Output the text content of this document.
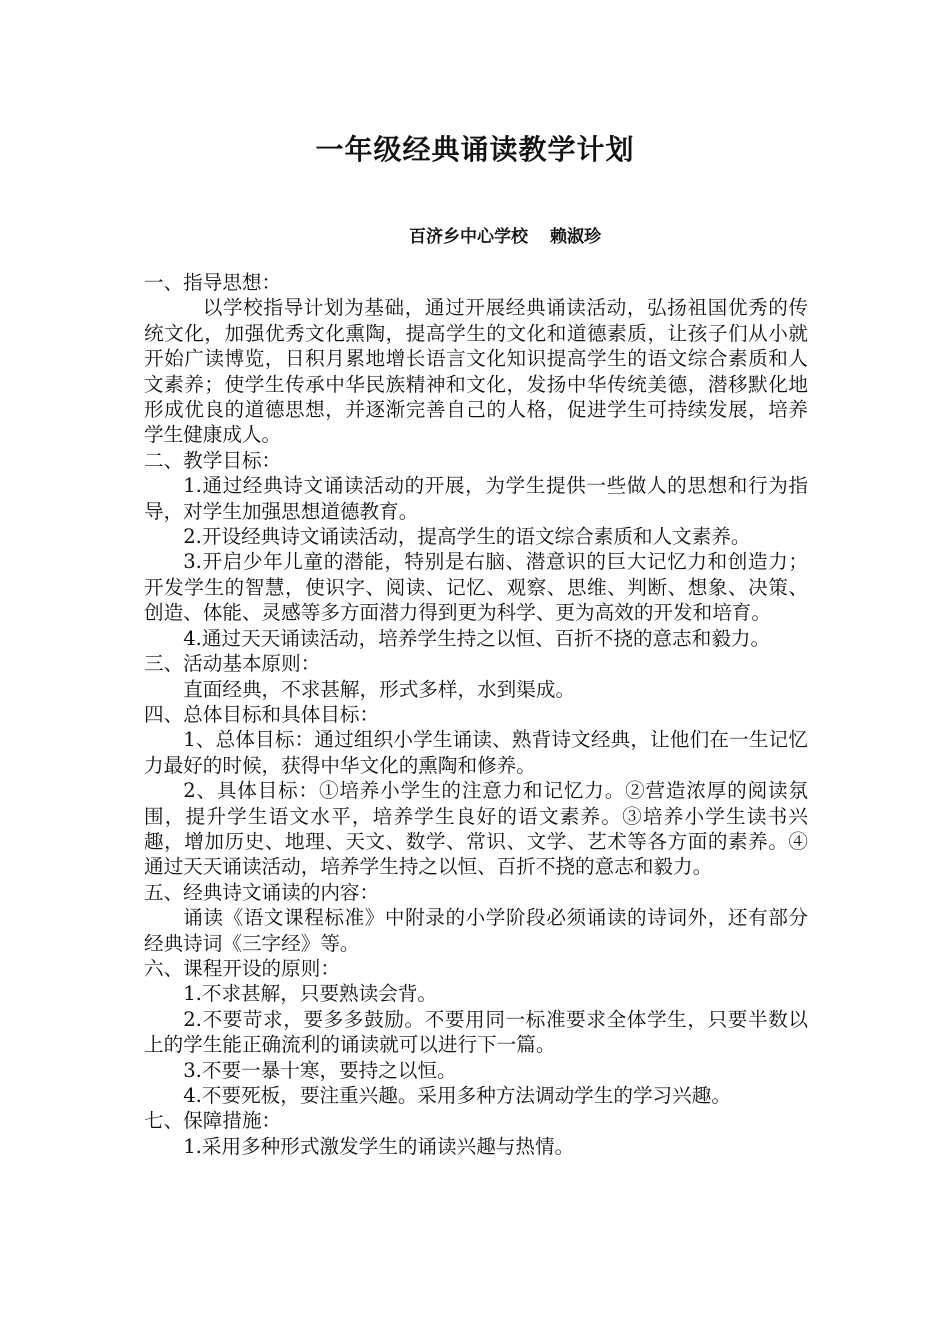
一年级经典诵读教学计划
百济乡中心学校 赖淑珍

一、指导思想：

以学校指导计划为基础，通过开展经典诵读活动，弘扬祖国优秀的传统文化，加强优秀文化熏陶，提高学生的文化和道德素质，让孩子们从小就开始广读博览，日积月累地增长语言文化知识提高学生的语文综合素质和人文素养；使学生传承中华民族精神和文化，发扬中华传统美德，潜移默化地形成优良的道德思想，并逐渐完善自己的人格，促进学生可持续发展，培养学生健康成人。

二、教学目标：

1.通过经典诗文诵读活动的开展，为学生提供一些做人的思想和行为指导，对学生加强思想道德教育。

2.开设经典诗文诵读活动，提高学生的语文综合素质和人文素养。

3.开启少年儿童的潜能，特别是右脑、潜意识的巨大记忆力和创造力；开发学生的智慧，使识字、阅读、记忆、观察、思维、判断、想象、决策、创造、体能、灵感等多方面潜力得到更为科学、更为高效的开发和培育。

4.通过天天诵读活动，培养学生持之以恒、百折不挠的意志和毅力。

三、活动基本原则：

直面经典，不求甚解，形式多样，水到渠成。

四、总体目标和具体目标：

1、总体目标：通过组织小学生诵读、熟背诗文经典，让他们在一生记忆力最好的时候，获得中华文化的熏陶和修养。

2、具体目标：①培养小学生的注意力和记忆力。②营造浓厚的阅读氛围，提升学生语文水平，培养学生良好的语文素养。③培养小学生读书兴趣，增加历史、地理、天文、数学、常识、文学、艺术等各方面的素养。④通过天天诵读活动，培养学生持之以恒、百折不挠的意志和毅力。

五、经典诗文诵读的内容：

诵读《语文课程标准》中附录的小学阶段必须诵读的诗词外，还有部分经典诗词《三字经》等。

六、课程开设的原则：

1.不求甚解，只要熟读会背。

2.不要苛求，要多多鼓励。不要用同一标准要求全体学生，只要半数以上的学生能正确流利的诵读就可以进行下一篇。

3.不要一暴十寒，要持之以恒。

4.不要死板，要注重兴趣。采用多种方法调动学生的学习兴趣。

七、保障措施：

1.采用多种形式激发学生的诵读兴趣与热情。
